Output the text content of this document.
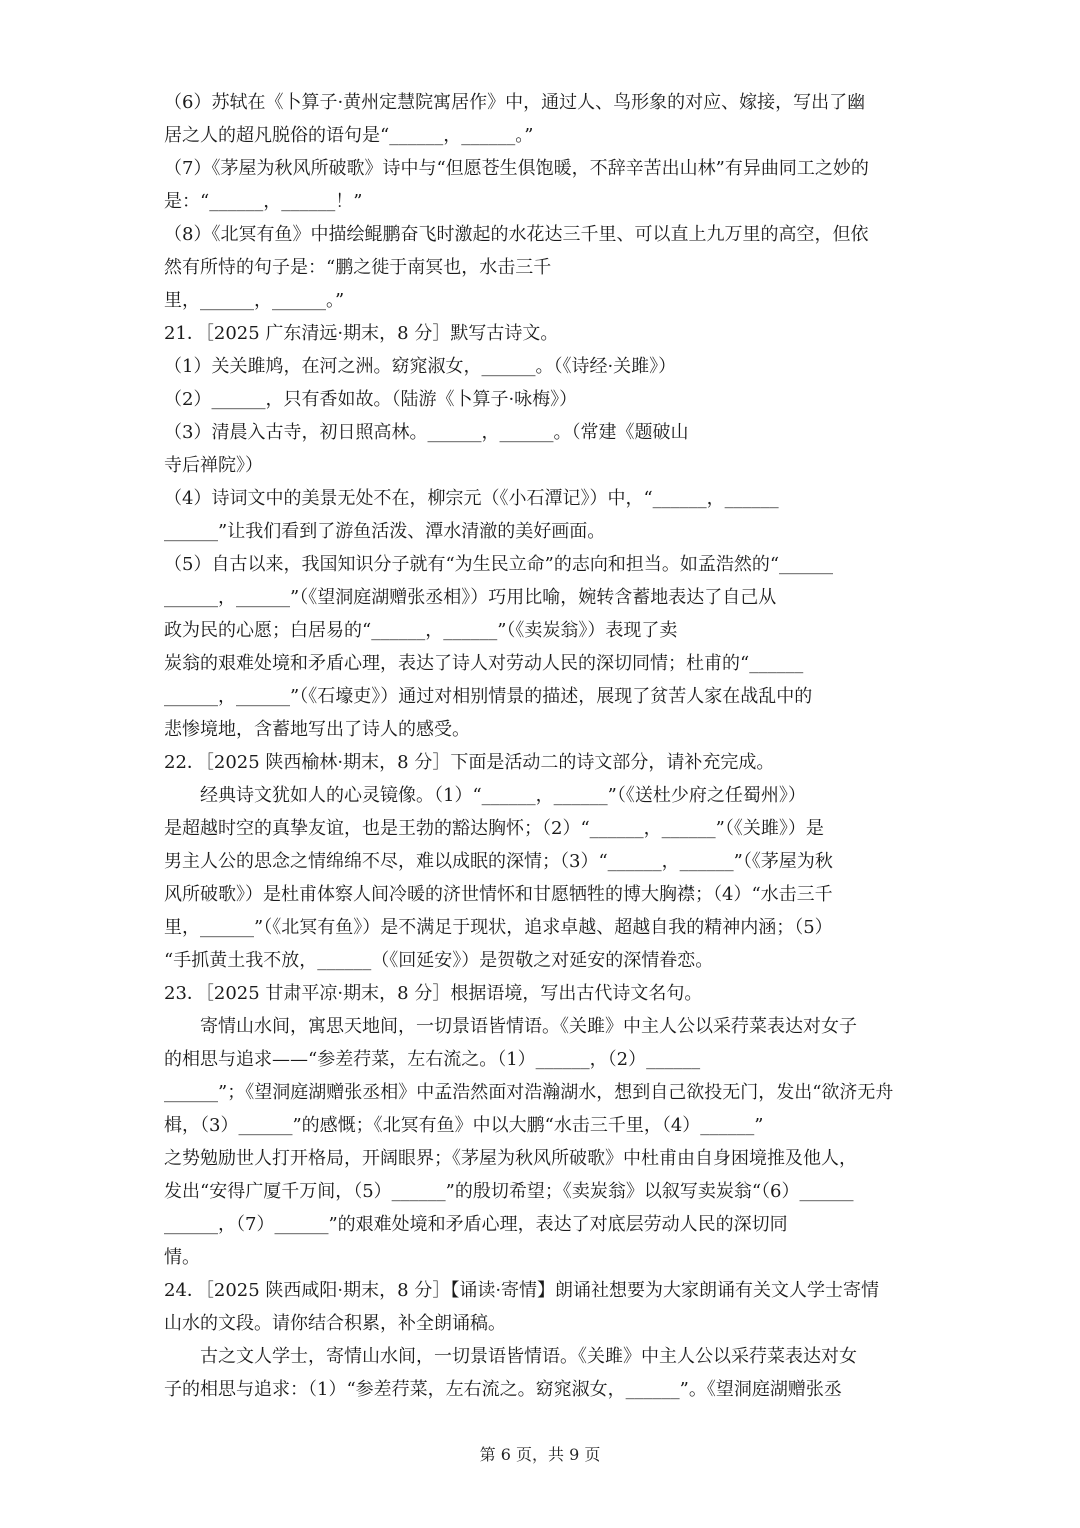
（6）苏轼在《卜算子·黄州定慧院寓居作》中，通过人、鸟形象的对应、嫁接，写出了幽
居之人的超凡脱俗的语句是“______，______。”
（7）《茅屋为秋风所破歌》诗中与“但愿苍生俱饱暖，不辞辛苦出山林”有异曲同工之妙的
是：“______，______！”
（8）《北冥有鱼》中描绘鲲鹏奋飞时激起的水花达三千里、可以直上九万里的高空，但依
然有所恃的句子是：“鹏之徙于南冥也，水击三千
里，______，______。”
21．［2025 广东清远·期末，8 分］默写古诗文。
（1）关关雎鸠，在河之洲。窈窕淑女，______。（《诗经·关雎》）
（2）______，只有香如故。（陆游《卜算子·咏梅》）
（3）清晨入古寺，初日照高林。______，______。（常建《题破山
寺后禅院》）
（4）诗词文中的美景无处不在，柳宗元（《小石潭记》）中，“______，______
______”让我们看到了游鱼活泼、潭水清澈的美好画面。
（5）自古以来，我国知识分子就有“为生民立命”的志向和担当。如孟浩然的“______
______，______”（《望洞庭湖赠张丞相》）巧用比喻，婉转含蓄地表达了自己从
政为民的心愿；白居易的“______，______”（《卖炭翁》）表现了卖
炭翁的艰难处境和矛盾心理，表达了诗人对劳动人民的深切同情；杜甫的“______
______，______”（《石壕吏》）通过对相别情景的描述，展现了贫苦人家在战乱中的
悲惨境地，含蓄地写出了诗人的感受。
22．［2025 陕西榆林·期末，8 分］下面是活动二的诗文部分，请补充完成。
经典诗文犹如人的心灵镜像。（1）“______，______”（《送杜少府之任蜀州》）
是超越时空的真挚友谊，也是王勃的豁达胸怀；（2）“______，______”（《关雎》）是
男主人公的思念之情绵绵不尽，难以成眠的深情；（3）“______，______”（《茅屋为秋
风所破歌》）是杜甫体察人间冷暖的济世情怀和甘愿牺牲的博大胸襟；（4）“水击三千
里，______”（《北冥有鱼》）是不满足于现状，追求卓越、超越自我的精神内涵；（5）
“手抓黄土我不放，______（《回延安》）是贺敬之对延安的深情眷恋。
23．［2025 甘肃平凉·期末，8 分］根据语境，写出古代诗文名句。
寄情山水间，寓思天地间，一切景语皆情语。《关雎》中主人公以采荇菜表达对女子
的相思与追求——“参差荇菜，左右流之。（1）______，（2）______
______”；《望洞庭湖赠张丞相》中孟浩然面对浩瀚湖水，想到自己欲投无门，发出“欲济无舟
楫，（3）______”的感慨；《北冥有鱼》中以大鹏“水击三千里，（4）______”
之势勉励世人打开格局，开阔眼界；《茅屋为秋风所破歌》中杜甫由自身困境推及他人，
发出“安得广厦千万间，（5）______”的殷切希望；《卖炭翁》以叙写卖炭翁“（6）______
______，（7）______”的艰难处境和矛盾心理，表达了对底层劳动人民的深切同
情。
24．［2025 陕西咸阳·期末，8 分］【诵读·寄情】朗诵社想要为大家朗诵有关文人学士寄情
山水的文段。请你结合积累，补全朗诵稿。
古之文人学士，寄情山水间，一切景语皆情语。《关雎》中主人公以采荇菜表达对女
子的相思与追求：（1）“参差荇菜，左右流之。窈窕淑女，______”。《望洞庭湖赠张丞
第 6 页，共 9 页
